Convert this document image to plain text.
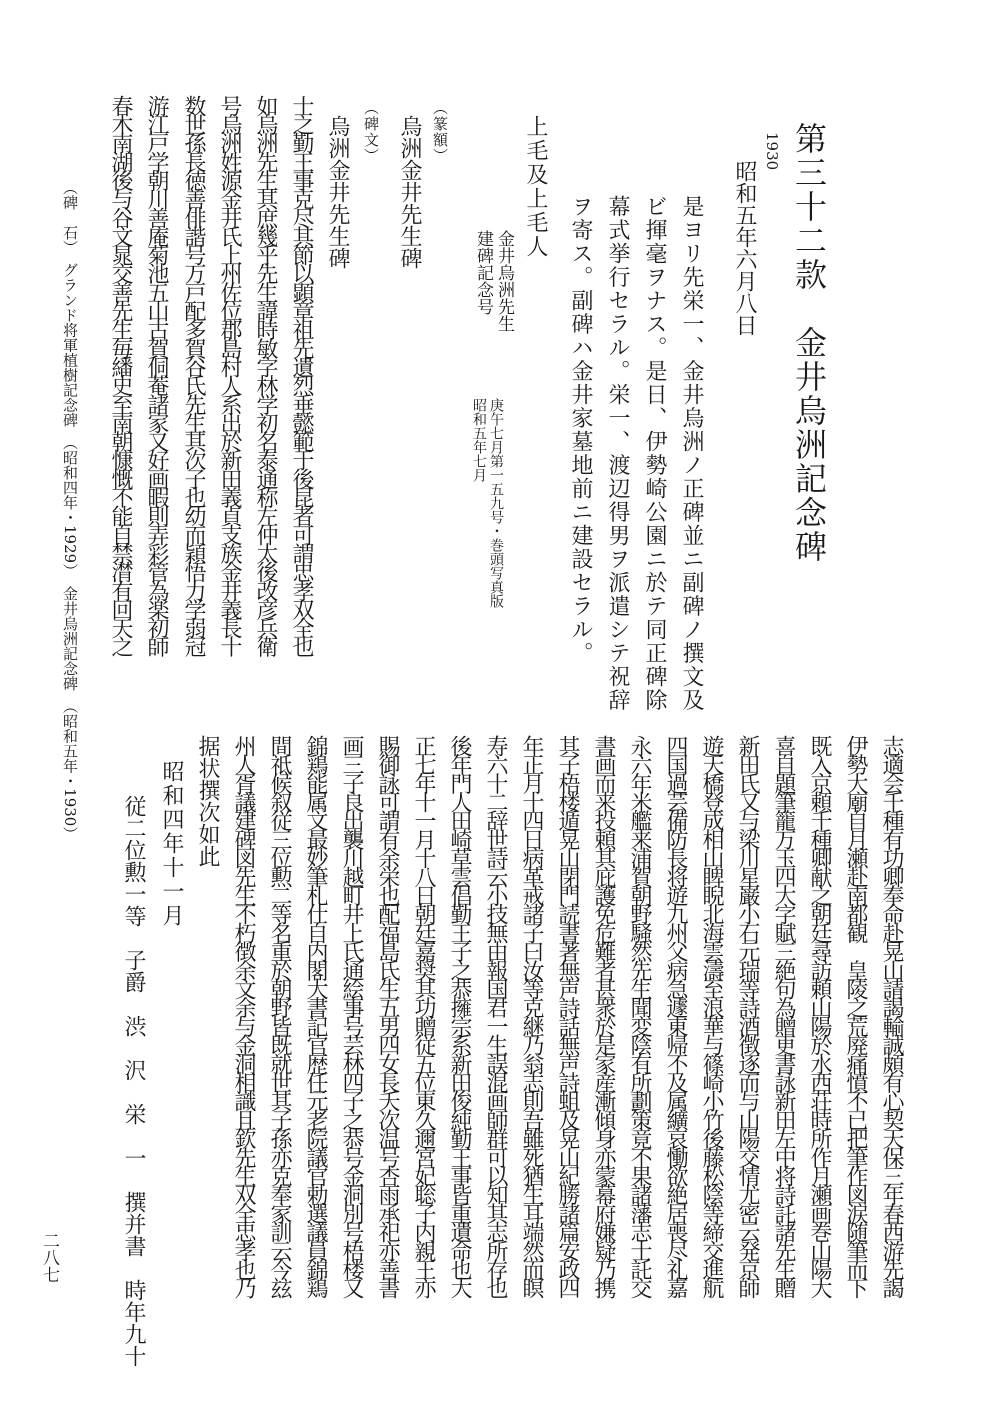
二八七
第三十二款　金井烏洲記念碑
1930
昭和五年六月八日
是ヨリ先栄一、金井烏洲ノ正碑並ニ副碑ノ撰文及
ビ揮毫ヲナス。是日、伊勢崎公園ニ於テ同正碑除
幕式挙行セラル。栄一、渡辺得男ヲ派遣シテ祝辞
ヲ寄ス。副碑ハ金井家墓地前ニ建設セラル。
上毛及上毛人
金井烏洲先生
建碑記念号
庚午七月第一五九号・巻頭写真版
昭和五年七月
（篆額）
烏洲金井先生碑
（碑文）
烏洲金井先生碑
士之勤王事克尽其節以顕章祖先遺烈垂懿範于後昆者可謂忠孝双全也
如烏洲先生其庶幾乎先生諱時敏字林学初名泰通称左仲太後改彦兵衛
号烏洲姓源金井氏上州佐位郡島村人系出於新田義貞支族金井義長十
数世孫長徳善俳諧号万戸配多賀谷氏先生其次子也幼而穎悟力学弱冠
游江戸学朝川善庵菊池五山古賀侗菴諸家又好画暇則弄彩管為楽初師
春木南湖後与谷文晁交善先生毎繙史至南朝慷慨不能自禁潸有回天之
（碑　石）　グランド将軍植樹記念碑　（昭和四年・1929）　金井烏洲記念碑　（昭和五年・1930）
志適会千種有功卿奉命赴晃山請謁輸誠頗有心契天保三年春西游先謁
伊勢大廟自月瀬赴南都観　皇陵之荒廃痛憤不已把筆作図涙随筆而下
既入京頼千種卿献之朝廷尋訪頼山陽於水西荘時所作月瀬画巻山陽大
喜自題筆籠万玉四大字賦三絶句為贈更書詠新田左中将詩託諸先生贈
新田氏又与梁川星巌小石元瑞等詩酒徴逐而与山陽交情尤密云発京師
遊天橋登成相山睥睨北海雲濤至浪華与篠崎小竹後藤松陰等締交進航
四国過芸備防長将遊九州父病急遽東帰不及属纊哀慟欲絶居喪尽礼嘉
永六年米艦来浦賀朝野騒然先生聞変陰有所劃策竟不果諸藩志士託交
書画而来投頼其庇護免危難者甚衆於是家産漸傾身亦蒙幕府嫌疑乃携
其子梧楼遁晃山閉門読書著無声詩話無声詩蛆及晃山紀勝諸篇安政四
年正月十四日病革戒諸子曰汝等克継乃翁志則吾雖死猶生耳端然而瞑
寿六十二辞世詩云小技無由報国君一生誤混画師群可以知其志所存也
後年門人田崎草雲倡勤王子之恭擁宗系新田俊純勤王事皆重遺命也大
正七年十一月十八日朝廷嘉奨其功贈従五位東久邇宮妃聡子内親王亦
賜御詠可謂有余栄也配福島氏生五男四女長夭次温号杏雨承祀亦善書
画三子良出襲川越町井上氏通絵事号芸林四子之恭号金洞別号梧楼又
錦鶏能属文最妙筆札仕自内閣大書記官歴任元老院議官勅選議員錦鶏
間祗候叙従三位勲二等名重於朝野皆既就世其子孫亦克奉家訓云今玆
州人胥議建碑図先生不朽徴余文余与金洞相識且欽先生双全忠孝也乃
据状撰次如此
昭和四年十一月
従二位勲一等　子爵　渋　沢　栄　一　撰并書　時年九十
